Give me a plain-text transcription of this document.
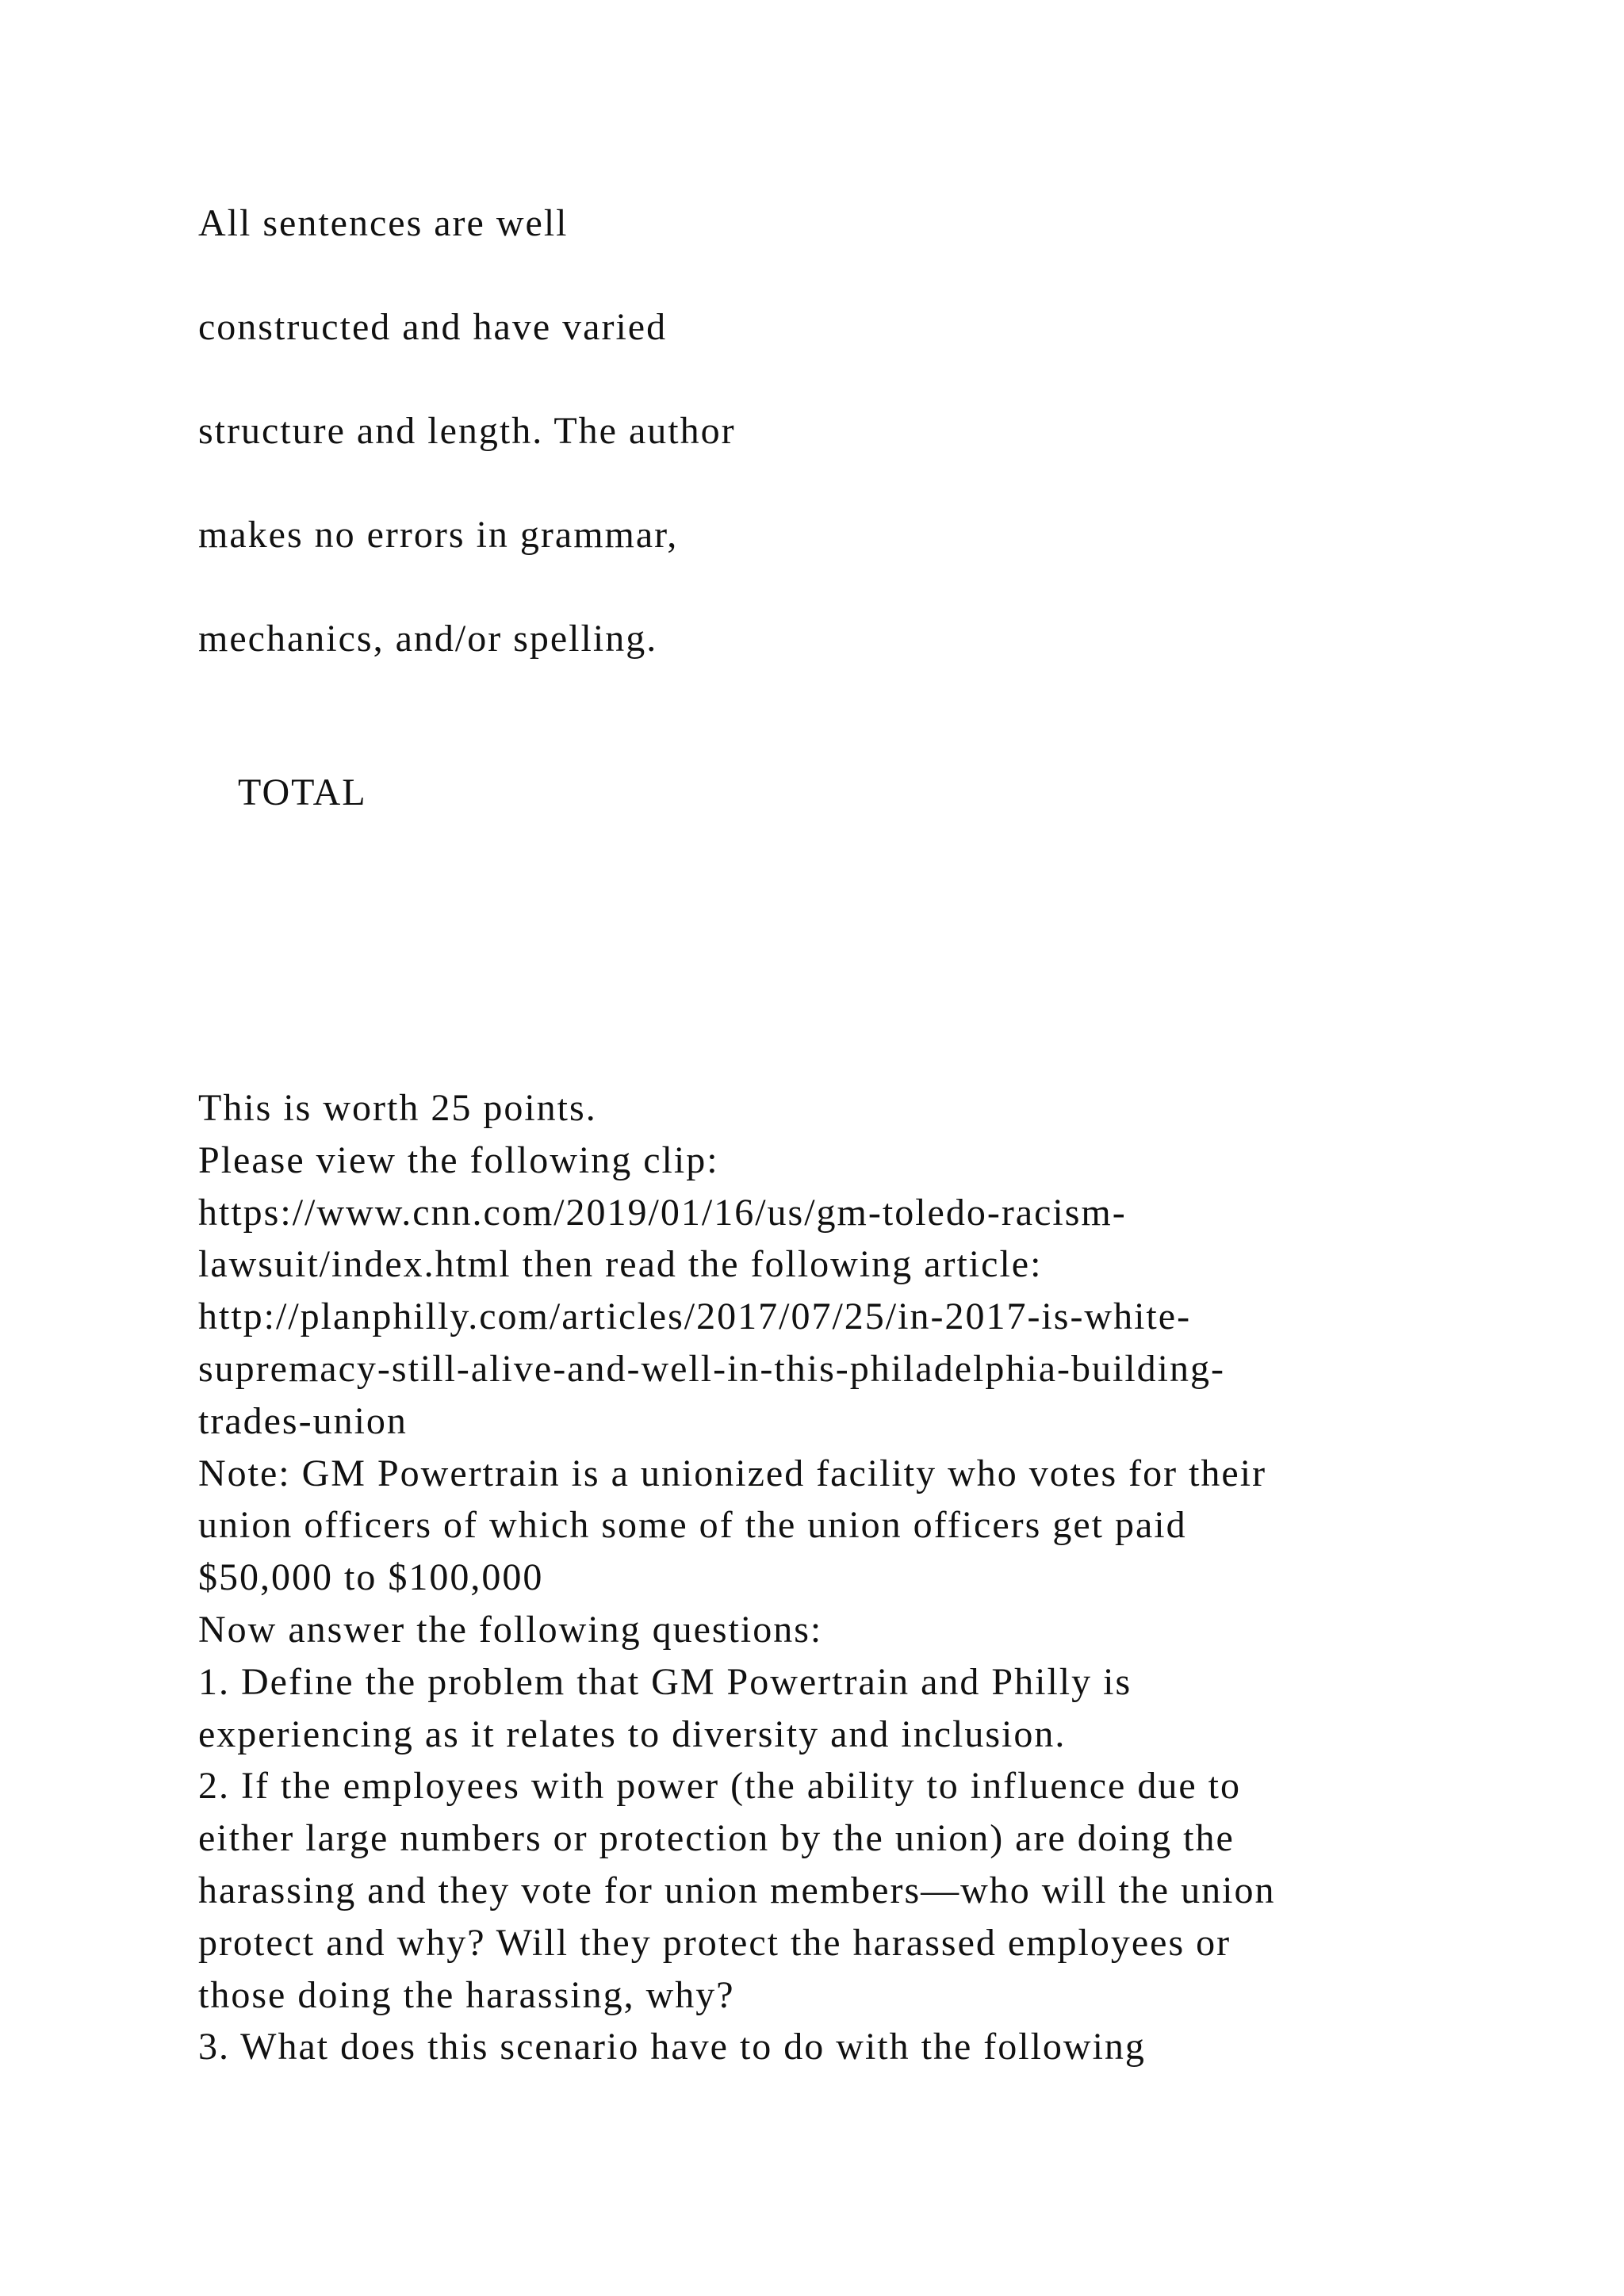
All sentences are well

constructed and have varied

structure and length. The author

makes no errors in grammar,

mechanics, and/or spelling.

TOTAL

This is worth 25 points.
Please view the following clip:
https://www.cnn.com/2019/01/16/us/gm-toledo-racism-
lawsuit/index.html then read the following article:
http://planphilly.com/articles/2017/07/25/in-2017-is-white-
supremacy-still-alive-and-well-in-this-philadelphia-building-
trades-union
Note: GM Powertrain is a unionized facility who votes for their
union officers of which some of the union officers get paid
$50,000 to $100,000
Now answer the following questions:
1. Define the problem that GM Powertrain and Philly is
experiencing as it relates to diversity and inclusion.
2. If the employees with power (the ability to influence due to
either large numbers or protection by the union) are doing the
harassing and they vote for union members—who will the union
protect and why? Will they protect the harassed employees or
those doing the harassing, why?
3. What does this scenario have to do with the following
